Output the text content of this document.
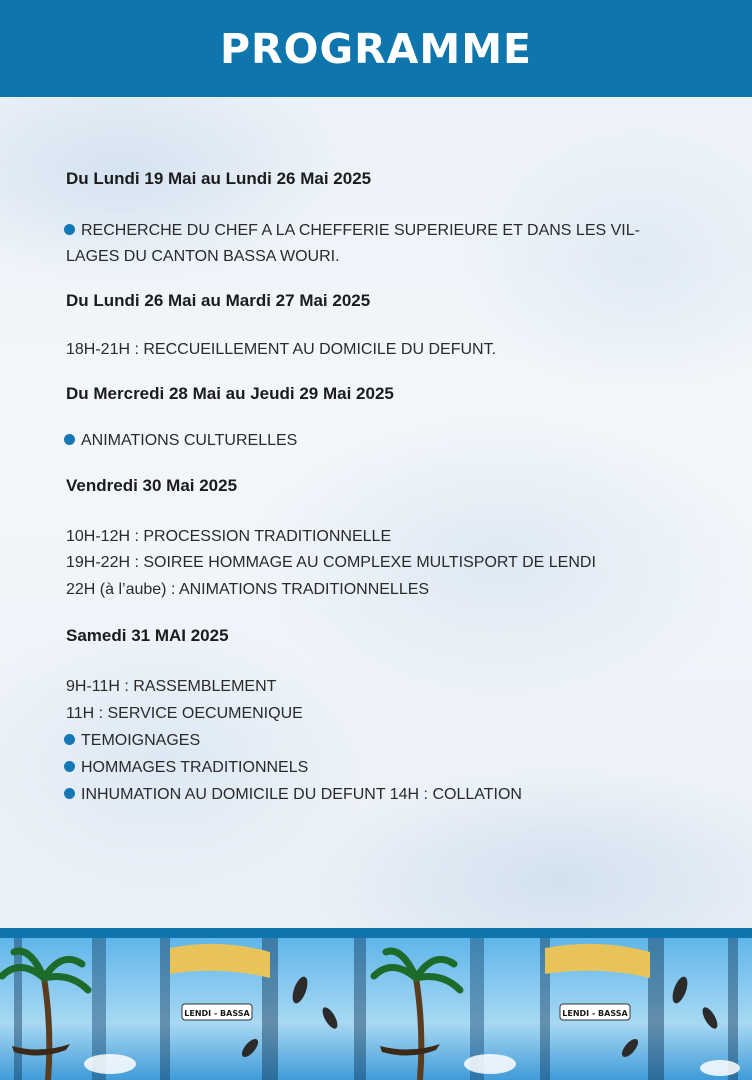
PROGRAMME

Du Lundi 19 Mai au Lundi 26 Mai 2025

RECHERCHE DU CHEF A LA CHEFFERIE SUPERIEURE ET DANS LES VIL-

LAGES DU CANTON BASSA WOURI.

Du Lundi 26 Mai au Mardi 27 Mai 2025

18H-21H : RECCUEILLEMENT AU DOMICILE DU DEFUNT.

Du Mercredi 28 Mai au Jeudi 29 Mai 2025

ANIMATIONS CULTURELLES

Vendredi 30 Mai 2025

10H-12H : PROCESSION TRADITIONNELLE

19H-22H : SOIREE HOMMAGE AU COMPLEXE MULTISPORT DE LENDI

22H (à l’aube) : ANIMATIONS TRADITIONNELLES

Samedi 31 MAI 2025

9H-11H : RASSEMBLEMENT

11H : SERVICE OECUMENIQUE

TEMOIGNAGES

HOMMAGES TRADITIONNELS

INHUMATION AU DOMICILE DU DEFUNT 14H : COLLATION

LENDI - BASSA	LENDI - BASSA
